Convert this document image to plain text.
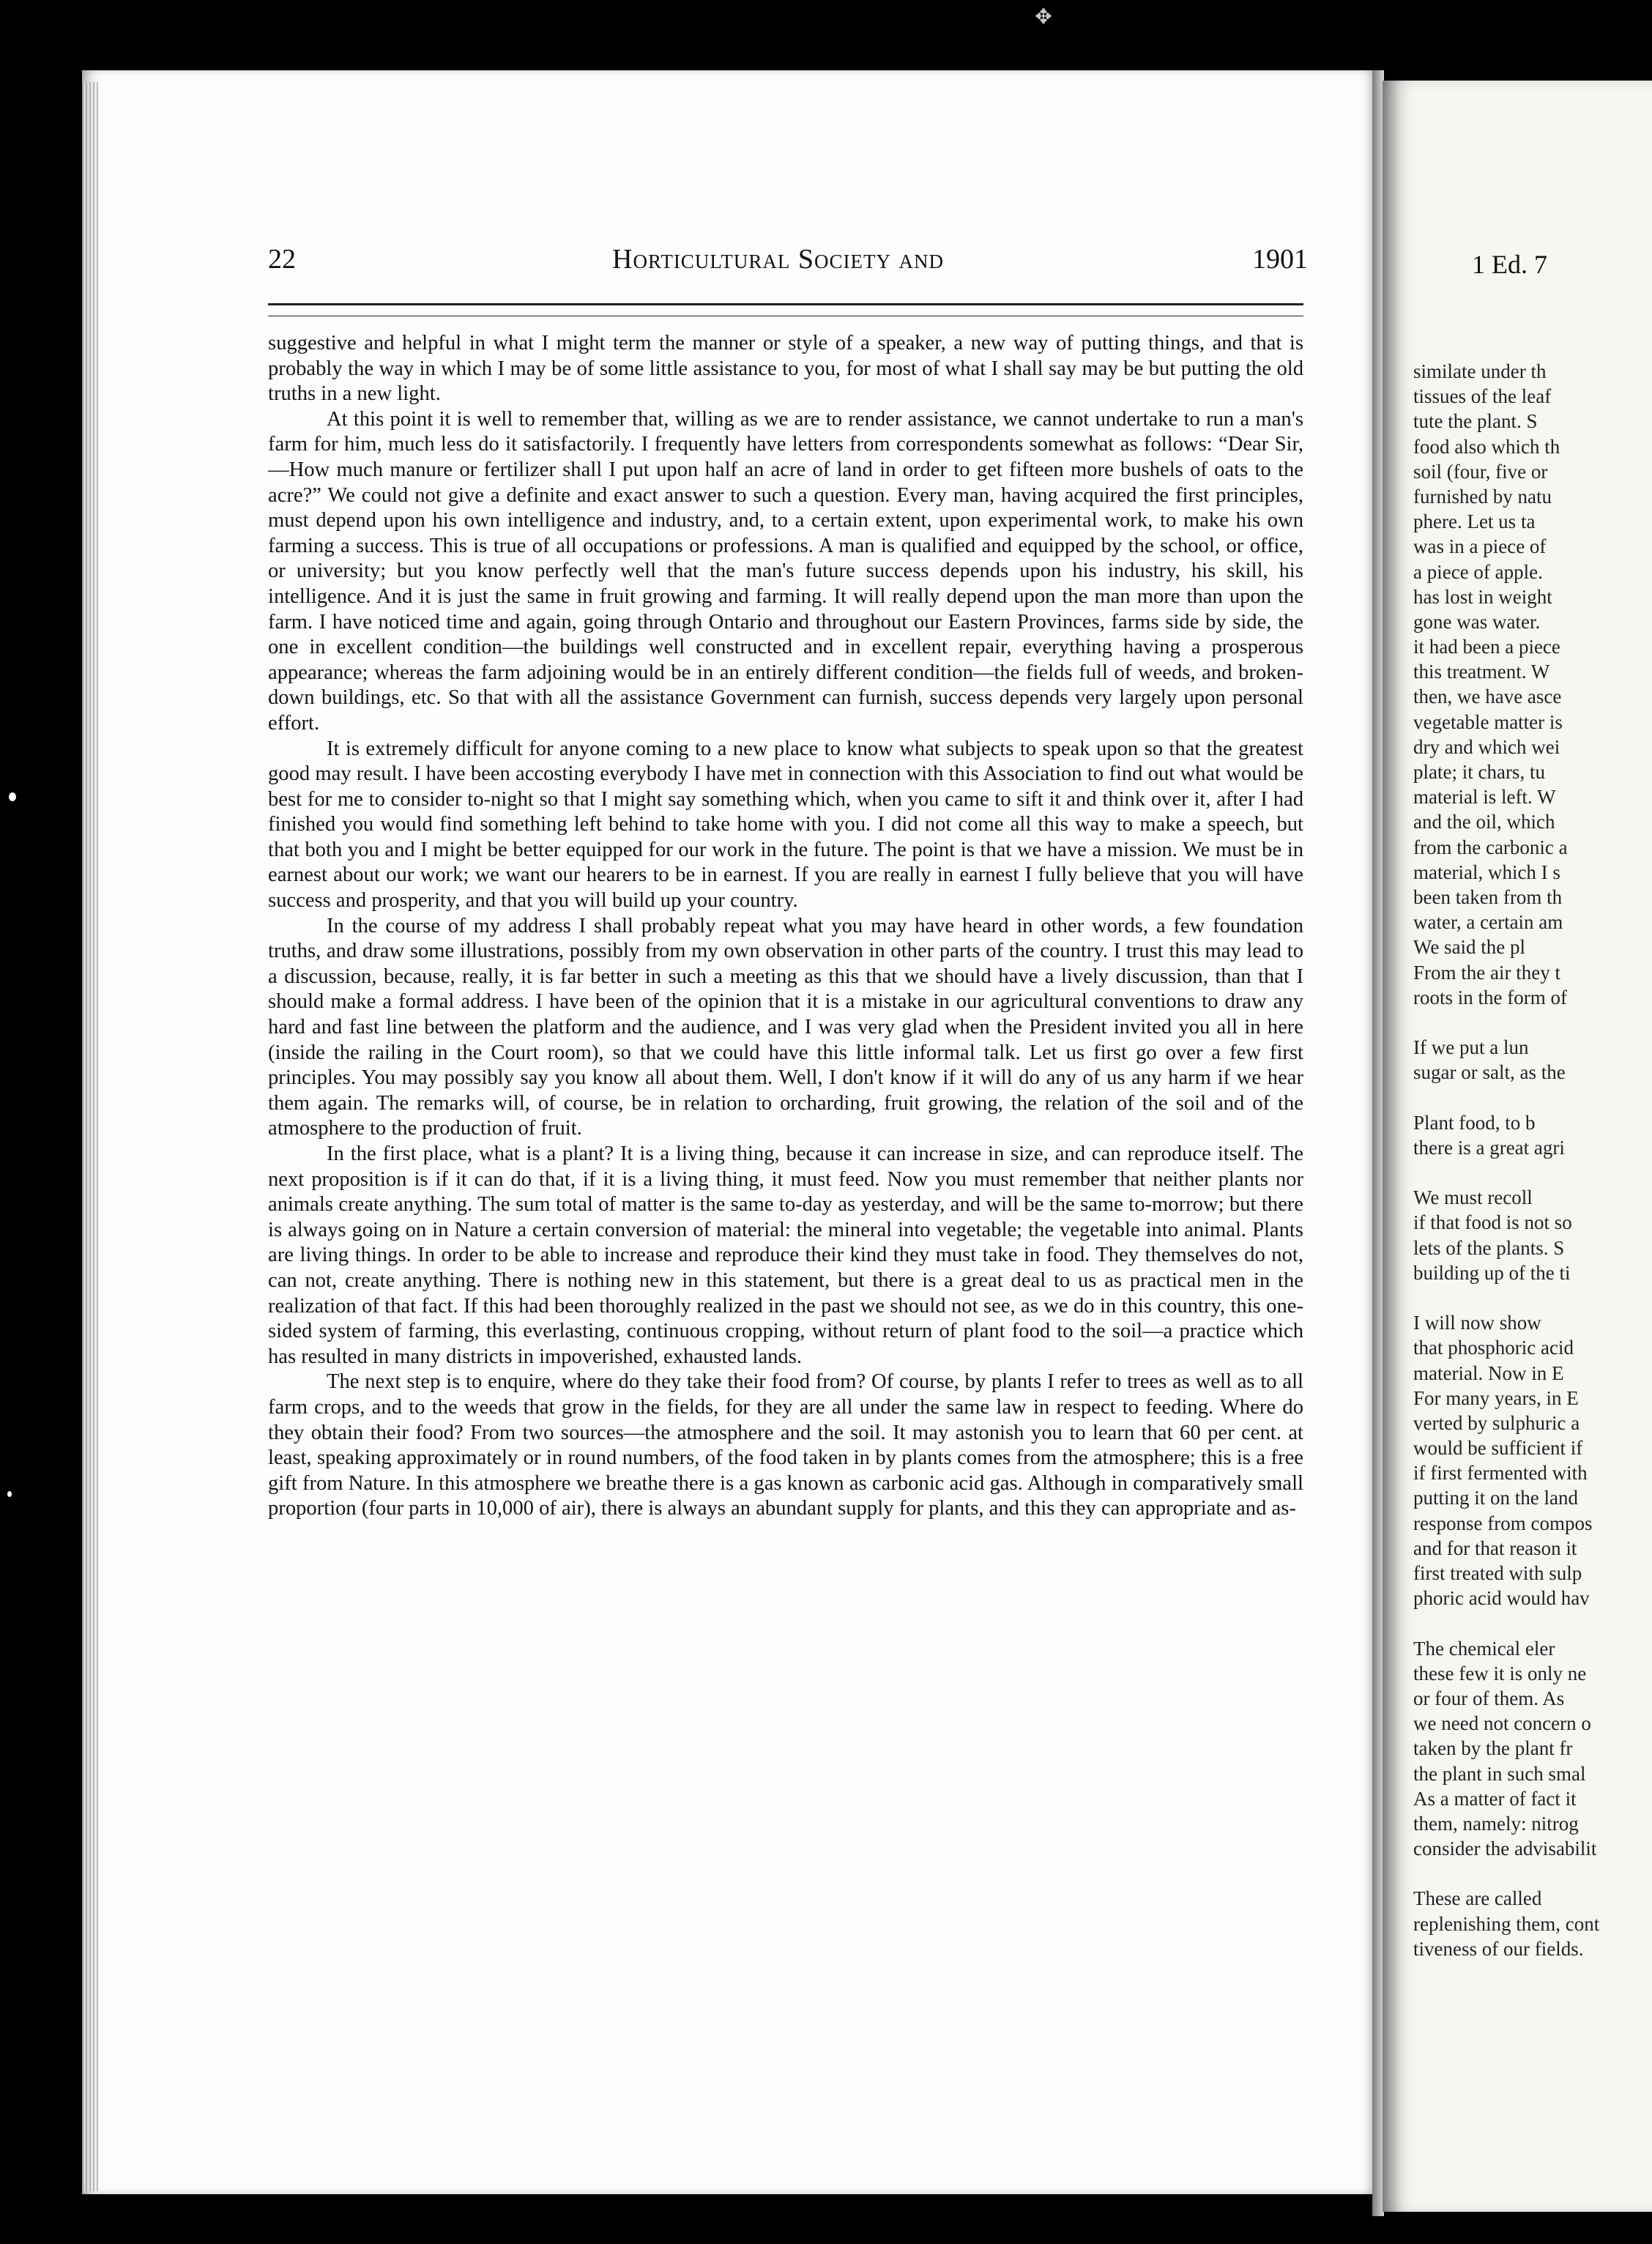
✥
22	Horticultural Society and	1901

suggestive and helpful in what I might term the manner or style of a speaker, a new way of putting things, and that is probably the way in which I may be of some little assistance to you, for most of what I shall say may be but putting the old truths in a new light.

At this point it is well to remember that, willing as we are to render assistance, we cannot undertake to run a man's farm for him, much less do it satisfactorily. I frequently have letters from correspondents somewhat as follows: “Dear Sir,—How much manure or fertilizer shall I put upon half an acre of land in order to get fifteen more bushels of oats to the acre?” We could not give a definite and exact answer to such a question. Every man, having acquired the first principles, must depend upon his own intelligence and industry, and, to a certain extent, upon experimental work, to make his own farming a success. This is true of all occupations or professions. A man is qualified and equipped by the school, or office, or university; but you know perfectly well that the man's future success depends upon his industry, his skill, his intelligence. And it is just the same in fruit growing and farming. It will really depend upon the man more than upon the farm. I have noticed time and again, going through Ontario and throughout our Eastern Provinces, farms side by side, the one in excellent condition—the buildings well constructed and in excellent repair, everything having a prosperous appearance; whereas the farm adjoining would be in an entirely different condition—the fields full of weeds, and broken-down buildings, etc. So that with all the assistance Government can furnish, success depends very largely upon personal effort.

It is extremely difficult for anyone coming to a new place to know what subjects to speak upon so that the greatest good may result. I have been accosting everybody I have met in connection with this Association to find out what would be best for me to consider to-night so that I might say something which, when you came to sift it and think over it, after I had finished you would find something left behind to take home with you. I did not come all this way to make a speech, but that both you and I might be better equipped for our work in the future. The point is that we have a mission. We must be in earnest about our work; we want our hearers to be in earnest. If you are really in earnest I fully believe that you will have success and prosperity, and that you will build up your country.

In the course of my address I shall probably repeat what you may have heard in other words, a few foundation truths, and draw some illustrations, possibly from my own observation in other parts of the country. I trust this may lead to a discussion, because, really, it is far better in such a meeting as this that we should have a lively discussion, than that I should make a formal address. I have been of the opinion that it is a mistake in our agricultural conventions to draw any hard and fast line between the platform and the audience, and I was very glad when the President invited you all in here (inside the railing in the Court room), so that we could have this little informal talk. Let us first go over a few first principles. You may possibly say you know all about them. Well, I don't know if it will do any of us any harm if we hear them again. The remarks will, of course, be in relation to orcharding, fruit growing, the relation of the soil and of the atmosphere to the production of fruit.

In the first place, what is a plant? It is a living thing, because it can increase in size, and can reproduce itself. The next proposition is if it can do that, if it is a living thing, it must feed. Now you must remember that neither plants nor animals create anything. The sum total of matter is the same to-day as yesterday, and will be the same to-morrow; but there is always going on in Nature a certain conversion of material: the mineral into vegetable; the vegetable into animal. Plants are living things. In order to be able to increase and reproduce their kind they must take in food. They themselves do not, can not, create anything. There is nothing new in this statement, but there is a great deal to us as practical men in the realization of that fact. If this had been thoroughly realized in the past we should not see, as we do in this country, this one-sided system of farming, this everlasting, continuous cropping, without return of plant food to the soil—a practice which has resulted in many districts in impoverished, exhausted lands.

The next step is to enquire, where do they take their food from? Of course, by plants I refer to trees as well as to all farm crops, and to the weeds that grow in the fields, for they are all under the same law in respect to feeding. Where do they obtain their food? From two sources—the atmosphere and the soil. It may astonish you to learn that 60 per cent. at least, speaking approximately or in round numbers, of the food taken in by plants comes from the atmosphere; this is a free gift from Nature. In this atmosphere we breathe there is a gas known as carbonic acid gas. Although in comparatively small proportion (four parts in 10,000 of air), there is always an abundant supply for plants, and this they can appropriate and as-

1 Ed. 7
similate under th
tissues of the leaf
tute the plant. S
food also which th
soil (four, five or
furnished by natu
phere. Let us ta
was in a piece of
a piece of apple.
has lost in weight
gone was water.
it had been a piece
this treatment. W
then, we have asce
vegetable matter is
dry and which wei
plate; it chars, tu
material is left. W
and the oil, which
from the carbonic a
material, which I s
been taken from th
water, a certain am
We said the pl
From the air they t
roots in the form of
If we put a lun
sugar or salt, as the
Plant food, to b
there is a great agri
We must recoll
if that food is not so
lets of the plants. S
building up of the ti
I will now show
that phosphoric acid
material. Now in E
For many years, in E
verted by sulphuric a
would be sufficient if
if first fermented with
putting it on the land
response from compos
and for that reason it
first treated with sulp
phoric acid would hav
The chemical eler
these few it is only ne
or four of them. As
we need not concern o
taken by the plant fr
the plant in such smal
As a matter of fact it
them, namely: nitrog
consider the advisabilit
These are called
replenishing them, cont
tiveness of our fields.
